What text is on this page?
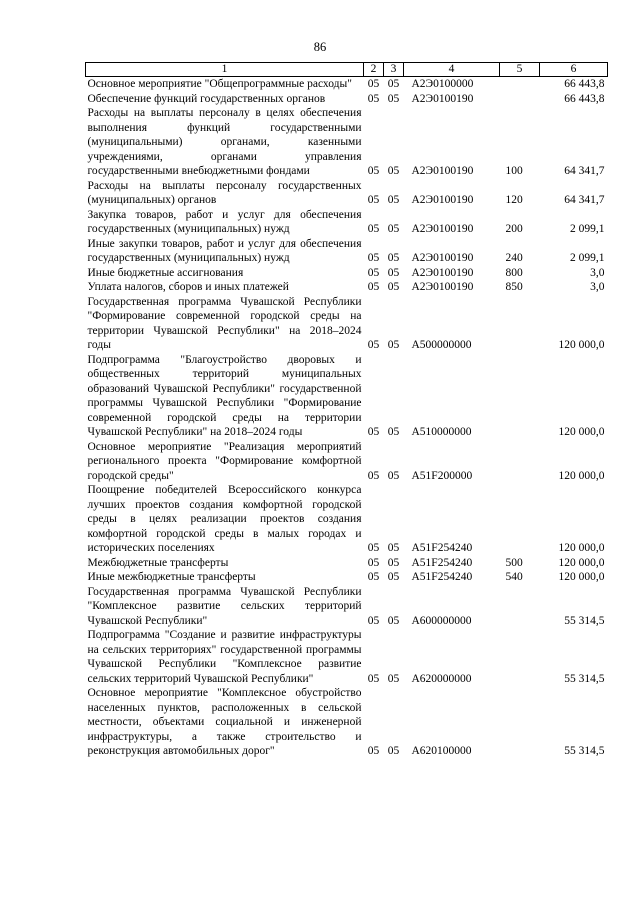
86
1	2	3	4	5	6
Основное мероприятие "Общепрограммные расходы"	05	05	А2Э0100000		66 443,8
Обеспечение функций государственных органов	05	05	А2Э0100190		66 443,8
Расходы на выплаты персоналу в целях обеспечения выполнения функций государственными (муниципальными) органами, казенными учреждениями, органами управления государственными внебюджетными фондами	05	05	А2Э0100190	100	64 341,7
Расходы на выплаты персоналу государственных (муниципальных) органов	05	05	А2Э0100190	120	64 341,7
Закупка товаров, работ и услуг для обеспечения государственных (муниципальных) нужд	05	05	А2Э0100190	200	2 099,1
Иные закупки товаров, работ и услуг для обеспечения государственных (муниципальных) нужд	05	05	А2Э0100190	240	2 099,1
Иные бюджетные ассигнования	05	05	А2Э0100190	800	3,0
Уплата налогов, сборов и иных платежей	05	05	А2Э0100190	850	3,0
Государственная программа Чувашской Республики "Формирование современной городской среды на территории Чувашской Республики" на 2018–2024 годы	05	05	А500000000		120 000,0
Подпрограмма "Благоустройство дворовых и общественных территорий муниципальных образований Чувашской Республики" государственной программы Чувашской Республики "Формирование современной городской среды на территории Чувашской Республики" на 2018–2024 годы	05	05	А510000000		120 000,0
Основное мероприятие "Реализация мероприятий регионального проекта "Формирование комфортной городской среды"	05	05	А51F200000		120 000,0
Поощрение победителей Всероссийского конкурса лучших проектов создания комфортной городской среды в целях реализации проектов создания комфортной городской среды в малых городах и исторических поселениях	05	05	А51F254240		120 000,0
Межбюджетные трансферты	05	05	А51F254240	500	120 000,0
Иные межбюджетные трансферты	05	05	А51F254240	540	120 000,0
Государственная программа Чувашской Республики "Комплексное развитие сельских территорий Чувашской Республики"	05	05	А600000000		55 314,5
Подпрограмма "Создание и развитие инфраструктуры на сельских территориях" государственной программы Чувашской Республики "Комплексное развитие сельских территорий Чувашской Республики"	05	05	А620000000		55 314,5
Основное мероприятие "Комплексное обустройство населенных пунктов, расположенных в сельской местности, объектами социальной и инженерной инфраструктуры, а также строительство и реконструкция автомобильных дорог"	05	05	А620100000		55 314,5
